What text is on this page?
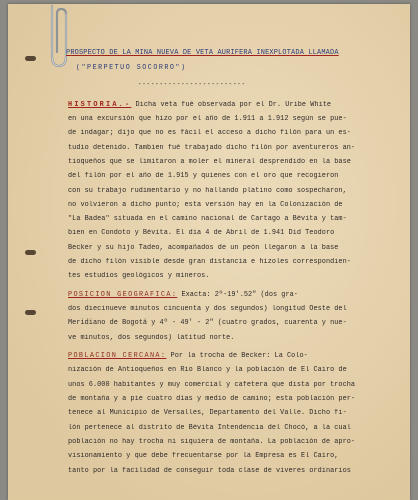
PROSPECTO DE LA MINA NUEVA DE VETA AURIFERA INEXPLOTADA LLAMADA
("PERPETUO SOCORRO")
-------------------------
HISTORIA.- Dicha veta fué observada por el Dr. Uribe White
en una excursión que hizo por el año de 1.911 a 1.912 según se pue-
de indagar; dijo que no es fácil el acceso a dicho filón para un es-
tudio detenido. Tambien fué trabajado dicho filón por aventureros an-
tioqueños que se limitaron a moler el mineral desprendido en la base
del filón por el año de 1.915 y quienes con el oro que recogieron
con su trabajo rudimentario y no hallando platino como sospecharon,
no volvieron a dicho punto; esta versión hay en la Colonización de
"La Badea" situada en el camino nacional de Cartago a Bévita y tam-
bien en Condoto y Bévita. El día 4 de Abril de 1.941 Did Teodoro
Becker y su hijo Tadeo, acompañados de un peón llegaron a la base
de dicho filón visible desde gran distancia e hizoles correspondien-
tes estudios geológicos y mineros.
POSICION GEOGRAFICA: Exacta: 2º-19'.52" (dos gra-
dos diecinueve minutos cincuenta y dos segundos) longitud Oeste del
Meridiano de Bogotá y 4º - 49' - 2" (cuatro grados, cuarenta y nue-
ve minutos, dos segundos) latitud norte.
POBLACION CERCANA: Por la trocha de Becker: La Colo-
nización de Antioqueños en Rio Blanco y la población de El Cairo de
unos 6.000 habitantes y muy comercial y cafetera que dista por trocha
de montaña y a pie cuatro días y medio de camino; esta población per-
tenece al Municipio de Versalles, Departamento del Valle. Dicho fi-
lón pertenece al distrito de Bévita Intendencia del Chocó, a la cual
población no hay trocha ni siquiera de montaña. La población de apro-
visionamiento y que debe frecuentarse por la Empresa es El Cairo,
tanto por la facilidad de conseguir toda clase de víveres ordinarios
